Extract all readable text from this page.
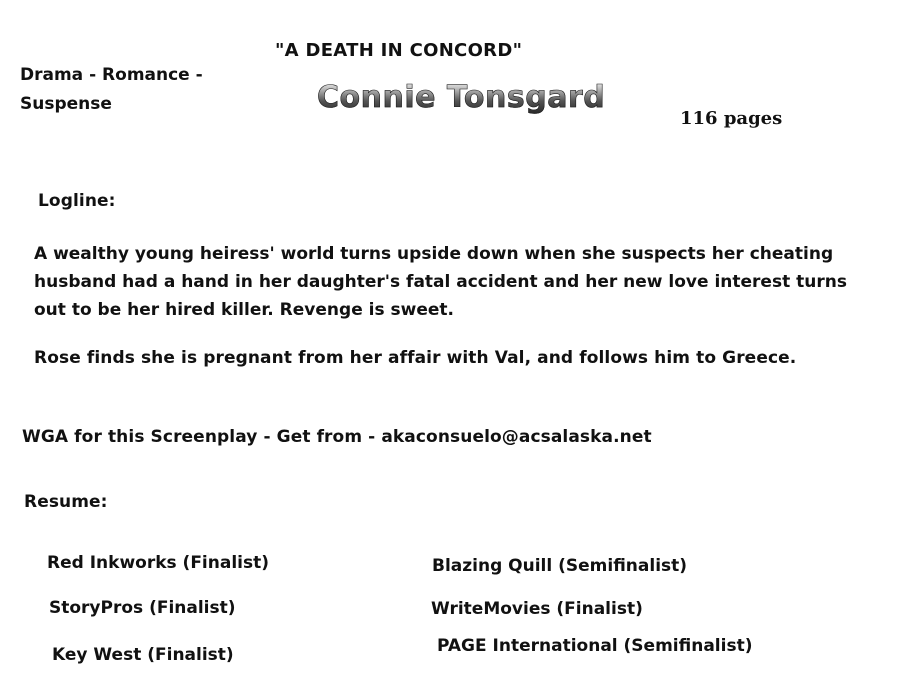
Drama - Romance - Suspense
"A DEATH IN CONCORD"
Connie Tonsgard
116 pages
Logline:
A wealthy young heiress' world turns upside down when she suspects her cheating husband had a hand in her daughter's fatal accident and her new love interest turns out to be her hired killer. Revenge is sweet.
Rose finds she is pregnant from her affair with Val, and follows him to Greece.
WGA for this Screenplay - Get from - akaconsuelo@acsalaska.net
Resume:
Red Inkworks (Finalist)
StoryPros (Finalist)
Key West (Finalist)
Blazing Quill (Semifinalist)
WriteMovies (Finalist)
PAGE International (Semifinalist)
